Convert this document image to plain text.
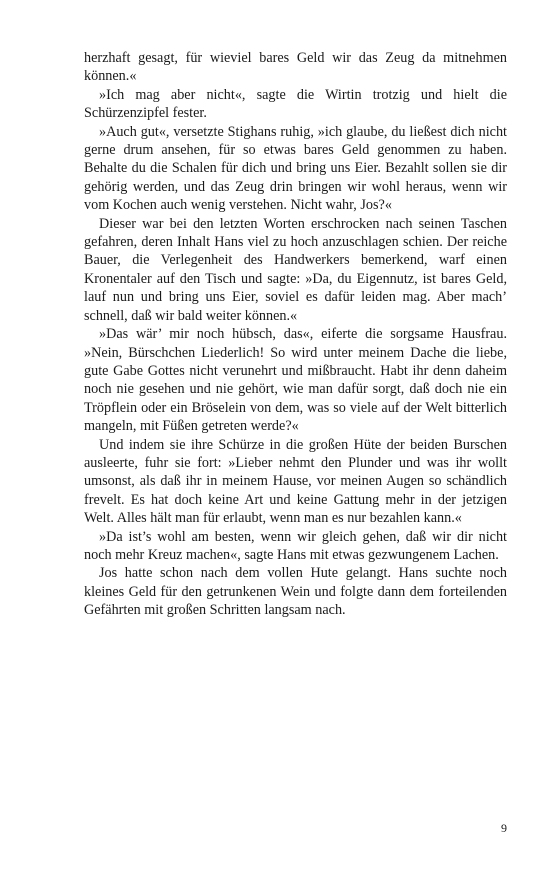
herzhaft gesagt, für wieviel bares Geld wir das Zeug da mitnehmen können.«

»Ich mag aber nicht«, sagte die Wirtin trotzig und hielt die Schürzenzipfel fester.

»Auch gut«, versetzte Stighans ruhig, »ich glaube, du ließest dich nicht gerne drum ansehen, für so etwas bares Geld genommen zu haben. Behalte du die Schalen für dich und bring uns Eier. Bezahlt sollen sie dir gehörig werden, und das Zeug drin bringen wir wohl heraus, wenn wir vom Kochen auch wenig verstehen. Nicht wahr, Jos?«

Dieser war bei den letzten Worten erschrocken nach seinen Taschen gefahren, deren Inhalt Hans viel zu hoch anzuschlagen schien. Der reiche Bauer, die Verlegenheit des Handwerkers bemerkend, warf einen Kronentaler auf den Tisch und sagte: »Da, du Eigennutz, ist bares Geld, lauf nun und bring uns Eier, soviel es dafür leiden mag. Aber mach’ schnell, daß wir bald weiter können.«

»Das wär’ mir noch hübsch, das«, eiferte die sorgsame Hausfrau. »Nein, Bürschchen Liederlich! So wird unter meinem Dache die liebe, gute Gabe Gottes nicht verunehrt und mißbraucht. Habt ihr denn daheim noch nie gesehen und nie gehört, wie man dafür sorgt, daß doch nie ein Tröpflein oder ein Bröselein von dem, was so viele auf der Welt bitterlich mangeln, mit Füßen getreten werde?«

Und indem sie ihre Schürze in die großen Hüte der beiden Burschen ausleerte, fuhr sie fort: »Lieber nehmt den Plunder und was ihr wollt umsonst, als daß ihr in meinem Hause, vor meinen Augen so schändlich frevelt. Es hat doch keine Art und keine Gattung mehr in der jetzigen Welt. Alles hält man für erlaubt, wenn man es nur bezahlen kann.«

»Da ist’s wohl am besten, wenn wir gleich gehen, daß wir dir nicht noch mehr Kreuz machen«, sagte Hans mit etwas gezwungenem Lachen.

Jos hatte schon nach dem vollen Hute gelangt. Hans suchte noch kleines Geld für den getrunkenen Wein und folgte dann dem forteilenden Gefährten mit großen Schritten langsam nach.

9
